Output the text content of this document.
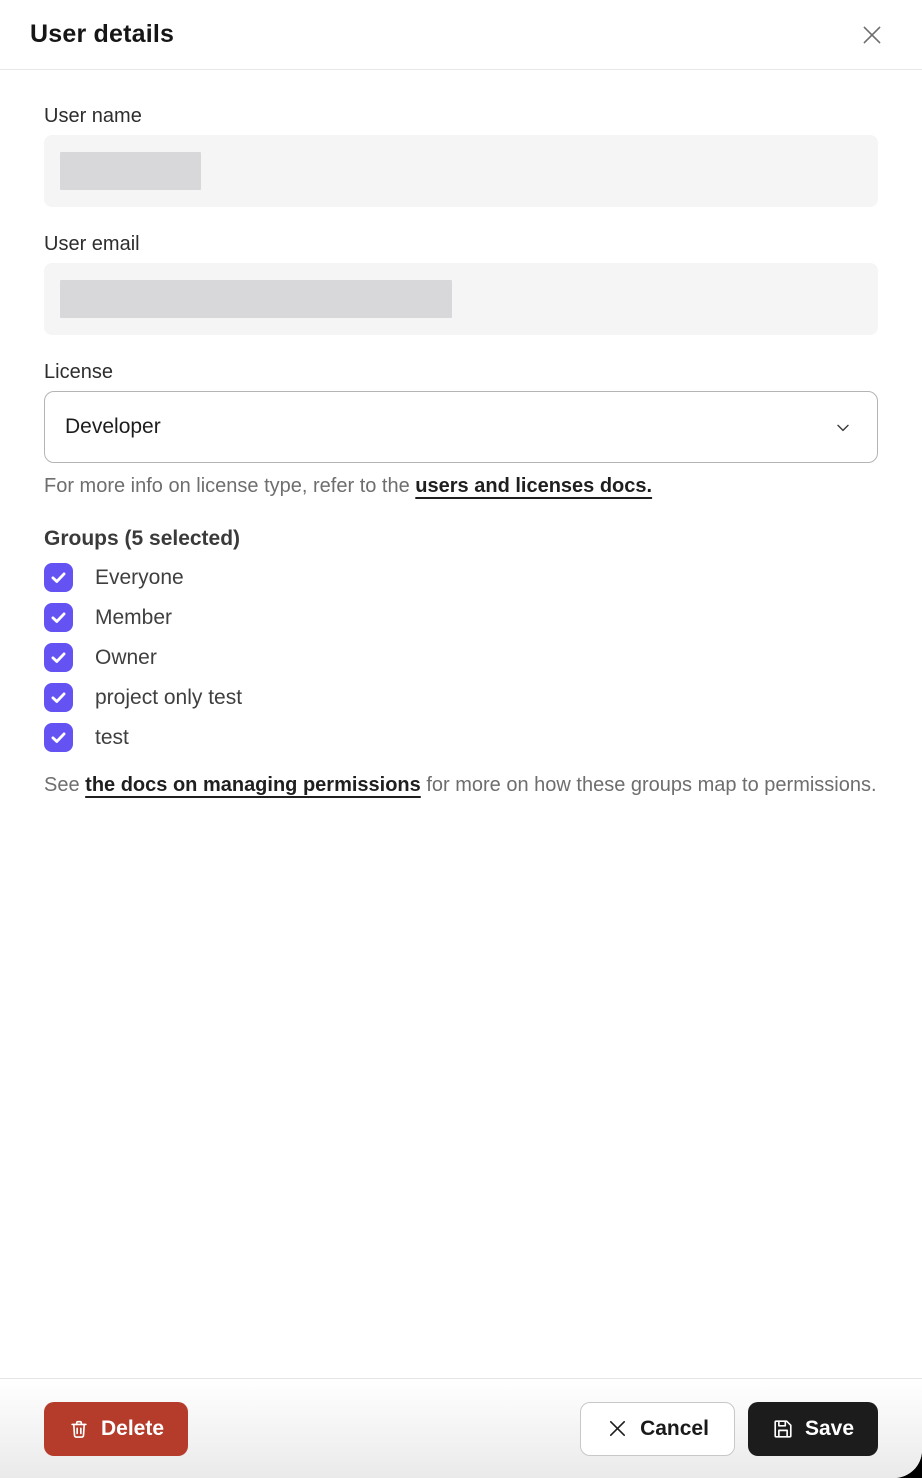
User details
User name
User email
License
Developer

For more info on license type, refer to the users and licenses docs.

Groups (5 selected)
Everyone
Member
Owner
project only test
test

See the docs on managing permissions for more on how these groups map to permissions.

Delete	Cancel	Save
